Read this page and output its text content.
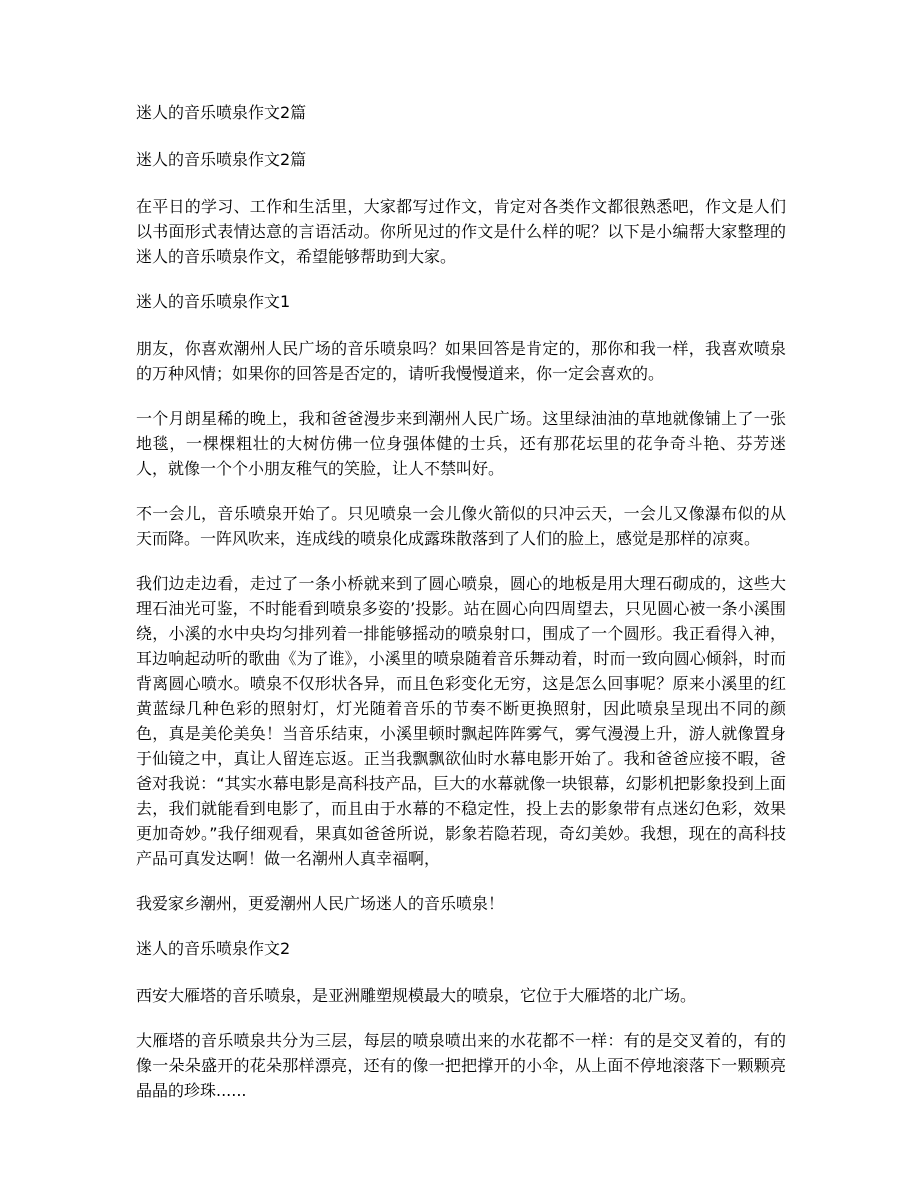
迷人的音乐喷泉作文2篇

迷人的音乐喷泉作文2篇

在平日的学习、工作和生活里，大家都写过作文，肯定对各类作文都很熟悉吧，作文是人们以书面形式表情达意的言语活动。你所见过的作文是什么样的呢？以下是小编帮大家整理的迷人的音乐喷泉作文，希望能够帮助到大家。

迷人的音乐喷泉作文1

朋友，你喜欢潮州人民广场的音乐喷泉吗？如果回答是肯定的，那你和我一样，我喜欢喷泉的万种风情；如果你的回答是否定的，请听我慢慢道来，你一定会喜欢的。

一个月朗星稀的晚上，我和爸爸漫步来到潮州人民广场。这里绿油油的草地就像铺上了一张地毯，一棵棵粗壮的大树仿佛一位身强体健的士兵，还有那花坛里的花争奇斗艳、芬芳迷人，就像一个个小朋友稚气的笑脸，让人不禁叫好。

不一会儿，音乐喷泉开始了。只见喷泉一会儿像火箭似的只冲云天，一会儿又像瀑布似的从天而降。一阵风吹来，连成线的喷泉化成露珠散落到了人们的脸上，感觉是那样的凉爽。

我们边走边看，走过了一条小桥就来到了圆心喷泉，圆心的地板是用大理石砌成的，这些大理石油光可鉴，不时能看到喷泉多姿的’投影。站在圆心向四周望去，只见圆心被一条小溪围绕，小溪的水中央均匀排列着一排能够摇动的喷泉射口，围成了一个圆形。我正看得入神，耳边响起动听的歌曲《为了谁》，小溪里的喷泉随着音乐舞动着，时而一致向圆心倾斜，时而背离圆心喷水。喷泉不仅形状各异，而且色彩变化无穷，这是怎么回事呢？原来小溪里的红黄蓝绿几种色彩的照射灯，灯光随着音乐的节奏不断更换照射，因此喷泉呈现出不同的颜色，真是美伦美奂！当音乐结束，小溪里顿时飘起阵阵雾气，雾气漫漫上升，游人就像置身于仙镜之中，真让人留连忘返。正当我飘飘欲仙时水幕电影开始了。我和爸爸应接不暇，爸爸对我说：“其实水幕电影是高科技产品，巨大的水幕就像一块银幕，幻影机把影象投到上面去，我们就能看到电影了，而且由于水幕的不稳定性，投上去的影象带有点迷幻色彩，效果更加奇妙。”我仔细观看，果真如爸爸所说，影象若隐若现，奇幻美妙。我想，现在的高科技产品可真发达啊！做一名潮州人真幸福啊，

我爱家乡潮州，更爱潮州人民广场迷人的音乐喷泉！

迷人的音乐喷泉作文2

西安大雁塔的音乐喷泉，是亚洲雕塑规模最大的喷泉，它位于大雁塔的北广场。

大雁塔的音乐喷泉共分为三层，每层的喷泉喷出来的水花都不一样：有的是交叉着的，有的像一朵朵盛开的花朵那样漂亮，还有的像一把把撑开的小伞，从上面不停地滚落下一颗颗亮晶晶的珍珠......
